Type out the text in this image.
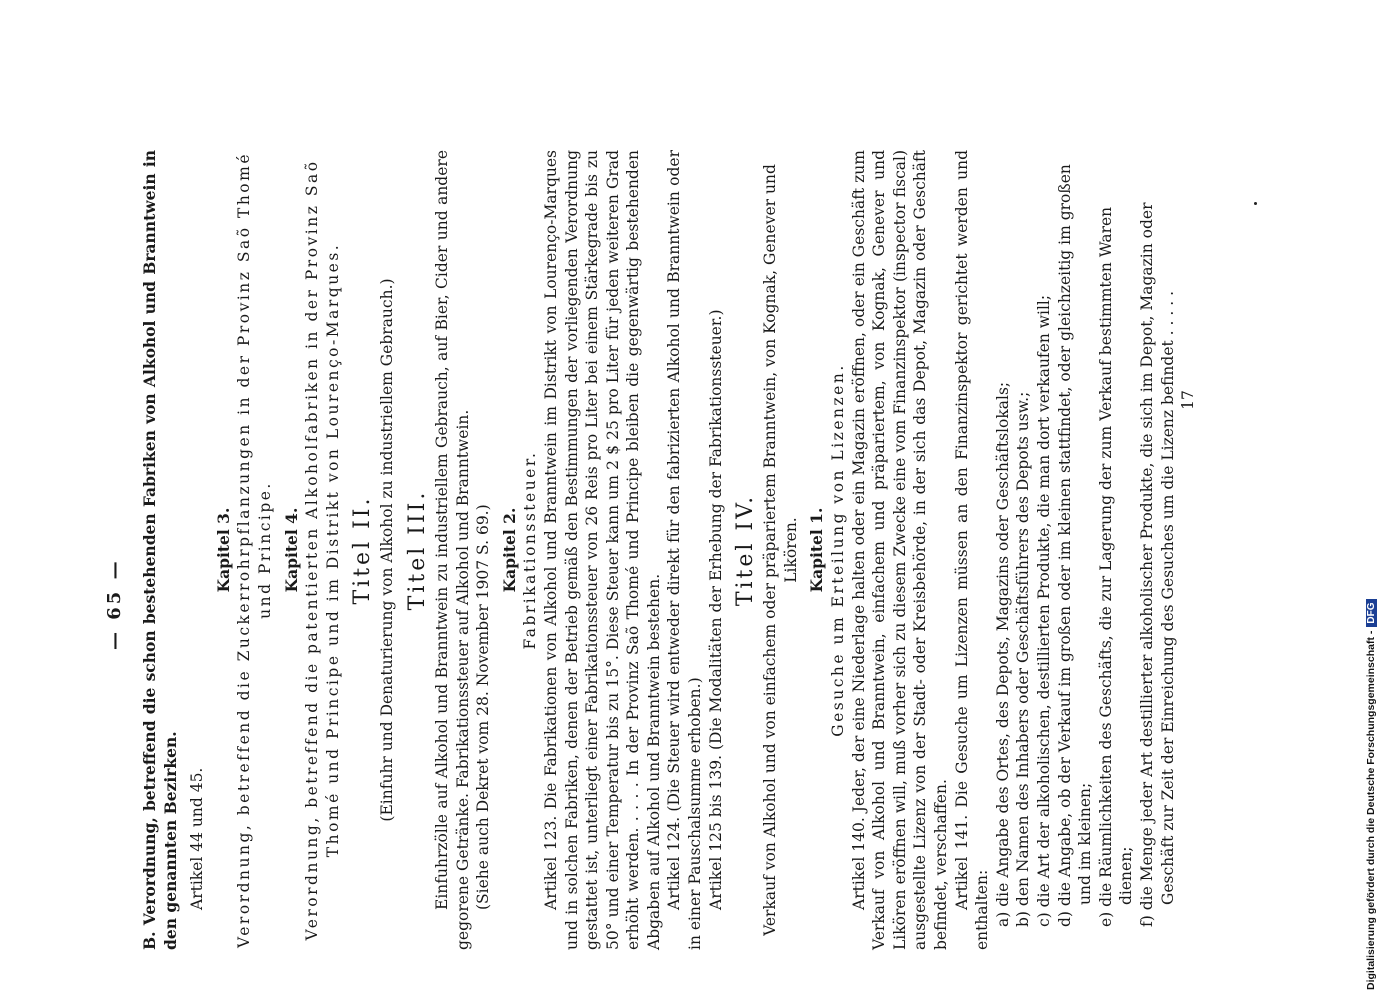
— 65 — B. Verordnung, betreffend die schon bestehenden Fabriken von Alkohol und Branntwein in den genannten Bezirken. Artikel 44 und 45.

Kapitel 3. Verordnung, betreffend die Zuckerrohrpflanzungen in der Provinz Saõ Thomé und Principe. Kapitel 4. Verordnung, betreffend die patentierten Alkoholfabriken in der Provinz Saõ Thomé und Principe und im Distrikt von Lourenço-Marques. Titel II. (Einfuhr und Denaturierung von Alkohol zu industriellem Gebrauch.) Titel III. Einfuhrzölle auf Alkohol und Branntwein zu industriellem Gebrauch, auf Bier, Cider und andere gegorene Getränke. Fabrikationssteuer auf Alkohol und Branntwein. (Siehe auch Dekret vom 28. November 1907 S. 69.) Kapitel 2. Fabrikationssteuer. Artikel 123. Die Fabrikationen von Alkohol und Branntwein im Distrikt von Lourenço-Marques und in solchen Fabriken, denen der Betrieb gemäß den Bestimmungen der vorliegenden Verordnung gestattet ist, unterliegt einer Fabrikationssteuer von 26 Reis pro Liter bei einem Stärkegrade bis zu 50° und einer Temperatur bis zu 15°. Diese Steuer kann um 2 $ 25 pro Liter für jeden weiteren Grad erhöht werden. . . . . In der Provinz Saõ Thomé und Principe bleiben die gegenwärtig bestehenden Abgaben auf Alkohol und Branntwein bestehen. Artikel 124. (Die Steuer wird entweder direkt für den fabrizierten Alkohol und Branntwein oder in einer Pauschalsumme erhoben.) Artikel 125 bis 139. (Die Modalitäten der Erhebung der Fabrikationssteuer.) Titel IV. Verkauf von Alkohol und von einfachem oder präpariertem Branntwein, von Kognak, Genever und Likören. Kapitel 1. Gesuche um Erteilung von Lizenzen. Artikel 140. Jeder, der eine Niederlage halten oder ein Magazin eröffnen, oder ein Geschäft zum Verkauf von Alkohol und Branntwein, einfachem und präpariertem, von Kognak, Genever und Likören eröffnen will, muß vorher sich zu diesem Zwecke eine vom Finanzinspektor (inspector fiscal) ausgestellte Lizenz von der Stadt- oder Kreisbehörde, in der sich das Depot, Magazin oder Geschäft befindet, verschaffen. Artikel 141. Die Gesuche um Lizenzen müssen an den Finanzinspektor gerichtet werden und enthalten: a) die Angabe des Ortes, des Depots, Magazins oder Geschäftslokals; b) den Namen des Inhabers oder Geschäftsführers des Depots usw.; c) die Art der alkoholischen, destillierten Produkte, die man dort verkaufen will; d) die Angabe, ob der Verkauf im großen oder im kleinen stattfindet, oder gleichzeitig im großen und im kleinen; e) die Räumlichkeiten des Geschäfts, die zur Lagerung der zum Verkauf bestimmten Waren dienen; f) die Menge jeder Art destillierter alkoholischer Produkte, die sich im Depot, Magazin oder Geschäft zur Zeit der Einreichung des Gesuches um die Lizenz befindet . . . . . 17

Digitalisierung gefördert durch die Deutsche Forschungsgemeinschaft -DFG
